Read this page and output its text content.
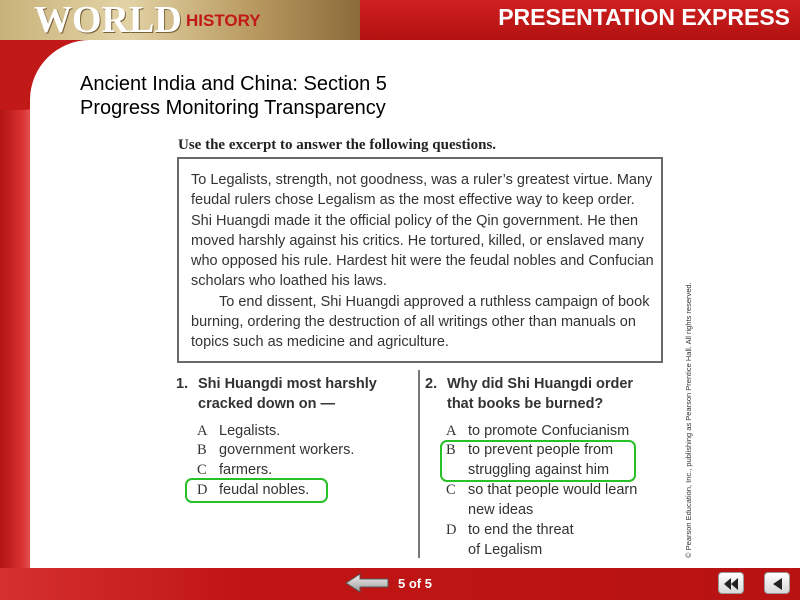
WORLD HISTORY	PRESENTATION EXPRESS
Ancient India and China: Section 5
Progress Monitoring Transparency
Use the excerpt to answer the following questions.

To Legalists, strength, not goodness, was a ruler’s greatest virtue. Many feudal rulers chose Legalism as the most effective way to keep order. Shi Huangdi made it the official policy of the Qin government. He then moved harshly against his critics. He tortured, killed, or enslaved many who opposed his rule. Hardest hit were the feudal nobles and Confucian scholars who loathed his laws.

To end dissent, Shi Huangdi approved a ruthless campaign of book burning, ordering the destruction of all writings other than manuals on topics such as medicine and agriculture.

1. Shi Huangdi most harshly
cracked down on —
A Legalists.
B government workers.
C farmers.
D feudal nobles.
2. Why did Shi Huangdi order
that books be burned?
A to promote Confucianism
B to prevent people from
struggling against him
C so that people would learn
new ideas
D to end the threat
of Legalism	© Pearson Education, Inc., publishing as Pearson Prentice Hall. All rights reserved.
5 of 5
